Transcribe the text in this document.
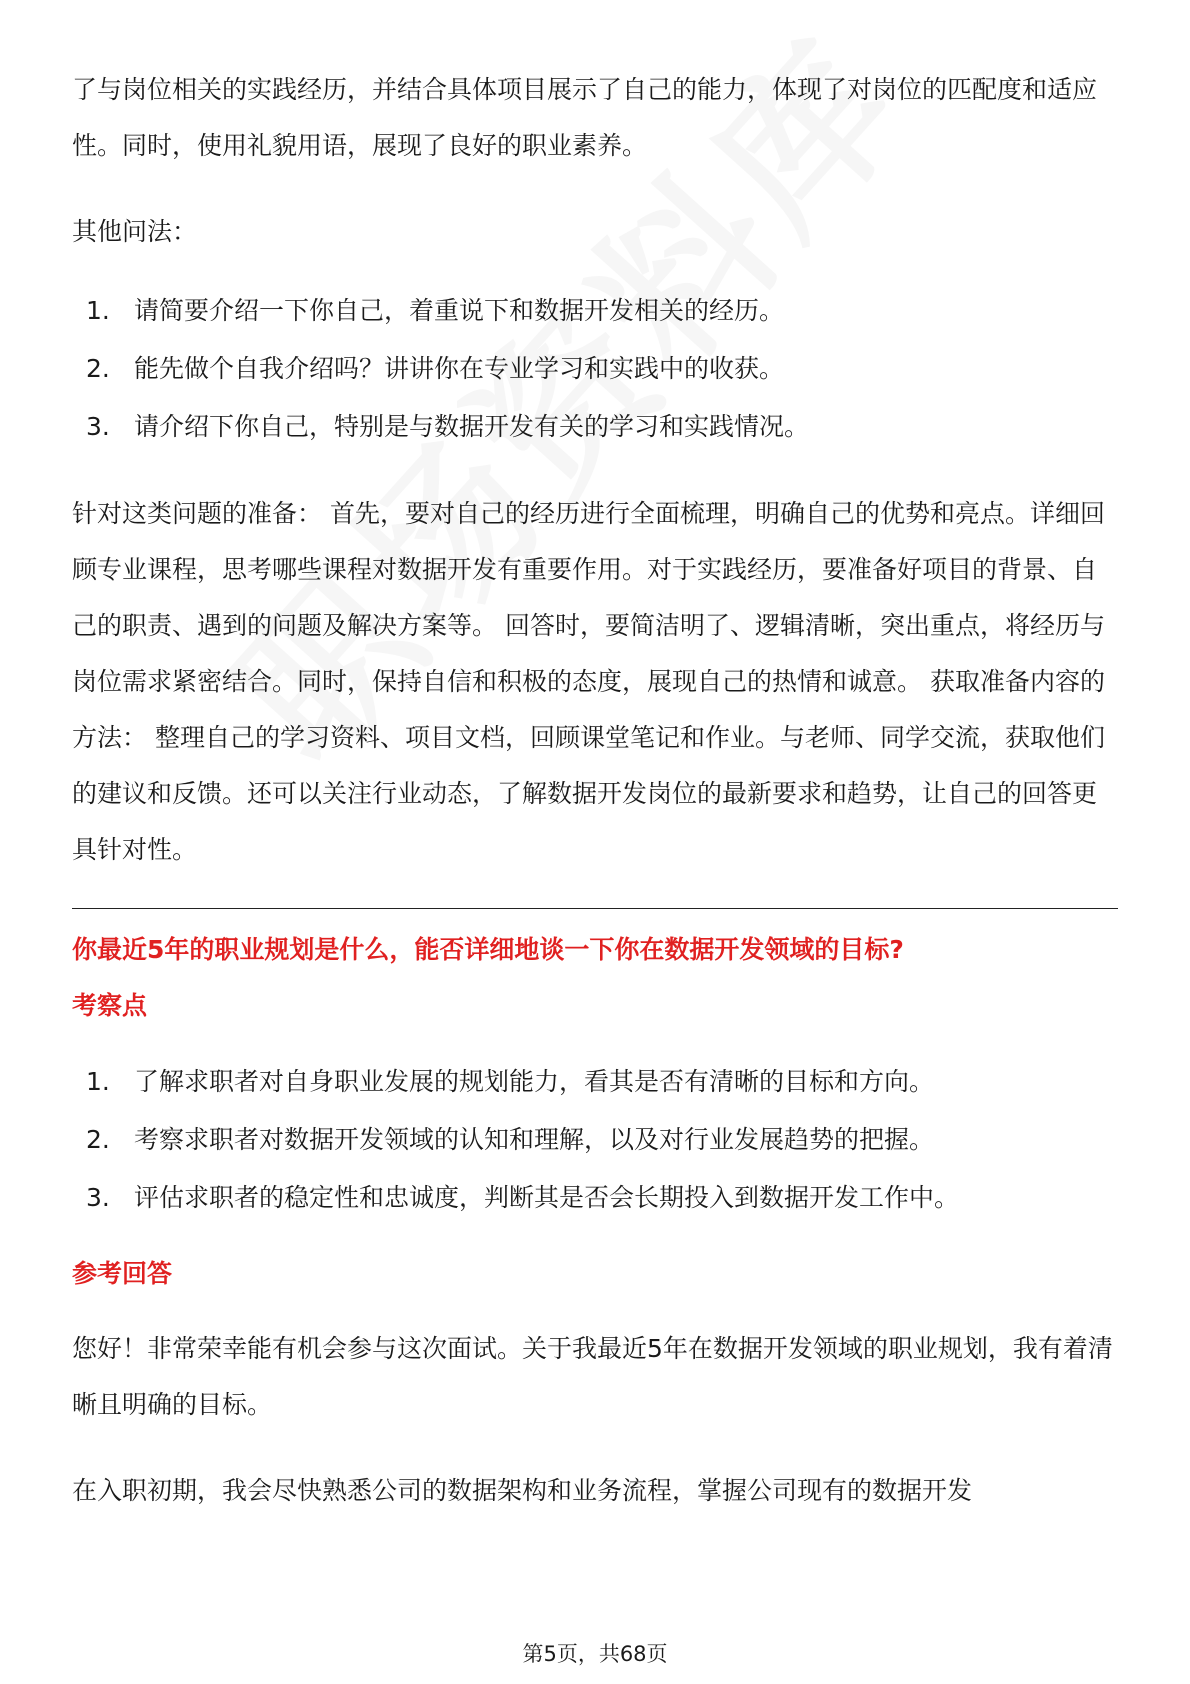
了与岗位相关的实践经历，并结合具体项目展示了自己的能力，体现了对岗位的匹配度和适应性。同时，使用礼貌用语，展现了良好的职业素养。

其他问法：

1. 请简要介绍一下你自己，着重说下和数据开发相关的经历。
2. 能先做个自我介绍吗？讲讲你在专业学习和实践中的收获。
3. 请介绍下你自己，特别是与数据开发有关的学习和实践情况。

针对这类问题的准备： 首先，要对自己的经历进行全面梳理，明确自己的优势和亮点。详细回顾专业课程，思考哪些课程对数据开发有重要作用。对于实践经历，要准备好项目的背景、自己的职责、遇到的问题及解决方案等。 回答时，要简洁明了、逻辑清晰，突出重点，将经历与岗位需求紧密结合。同时，保持自信和积极的态度，展现自己的热情和诚意。 获取准备内容的方法： 整理自己的学习资料、项目文档，回顾课堂笔记和作业。与老师、同学交流，获取他们的建议和反馈。还可以关注行业动态，了解数据开发岗位的最新要求和趋势，让自己的回答更具针对性。

你最近5年的职业规划是什么，能否详细地谈一下你在数据开发领域的目标?

考察点

1. 了解求职者对自身职业发展的规划能力，看其是否有清晰的目标和方向。
2. 考察求职者对数据开发领域的认知和理解，以及对行业发展趋势的把握。
3. 评估求职者的稳定性和忠诚度，判断其是否会长期投入到数据开发工作中。

参考回答

您好！非常荣幸能有机会参与这次面试。关于我最近5年在数据开发领域的职业规划，我有着清晰且明确的目标。

在入职初期，我会尽快熟悉公司的数据架构和业务流程，掌握公司现有的数据开发

第5页，共68页
